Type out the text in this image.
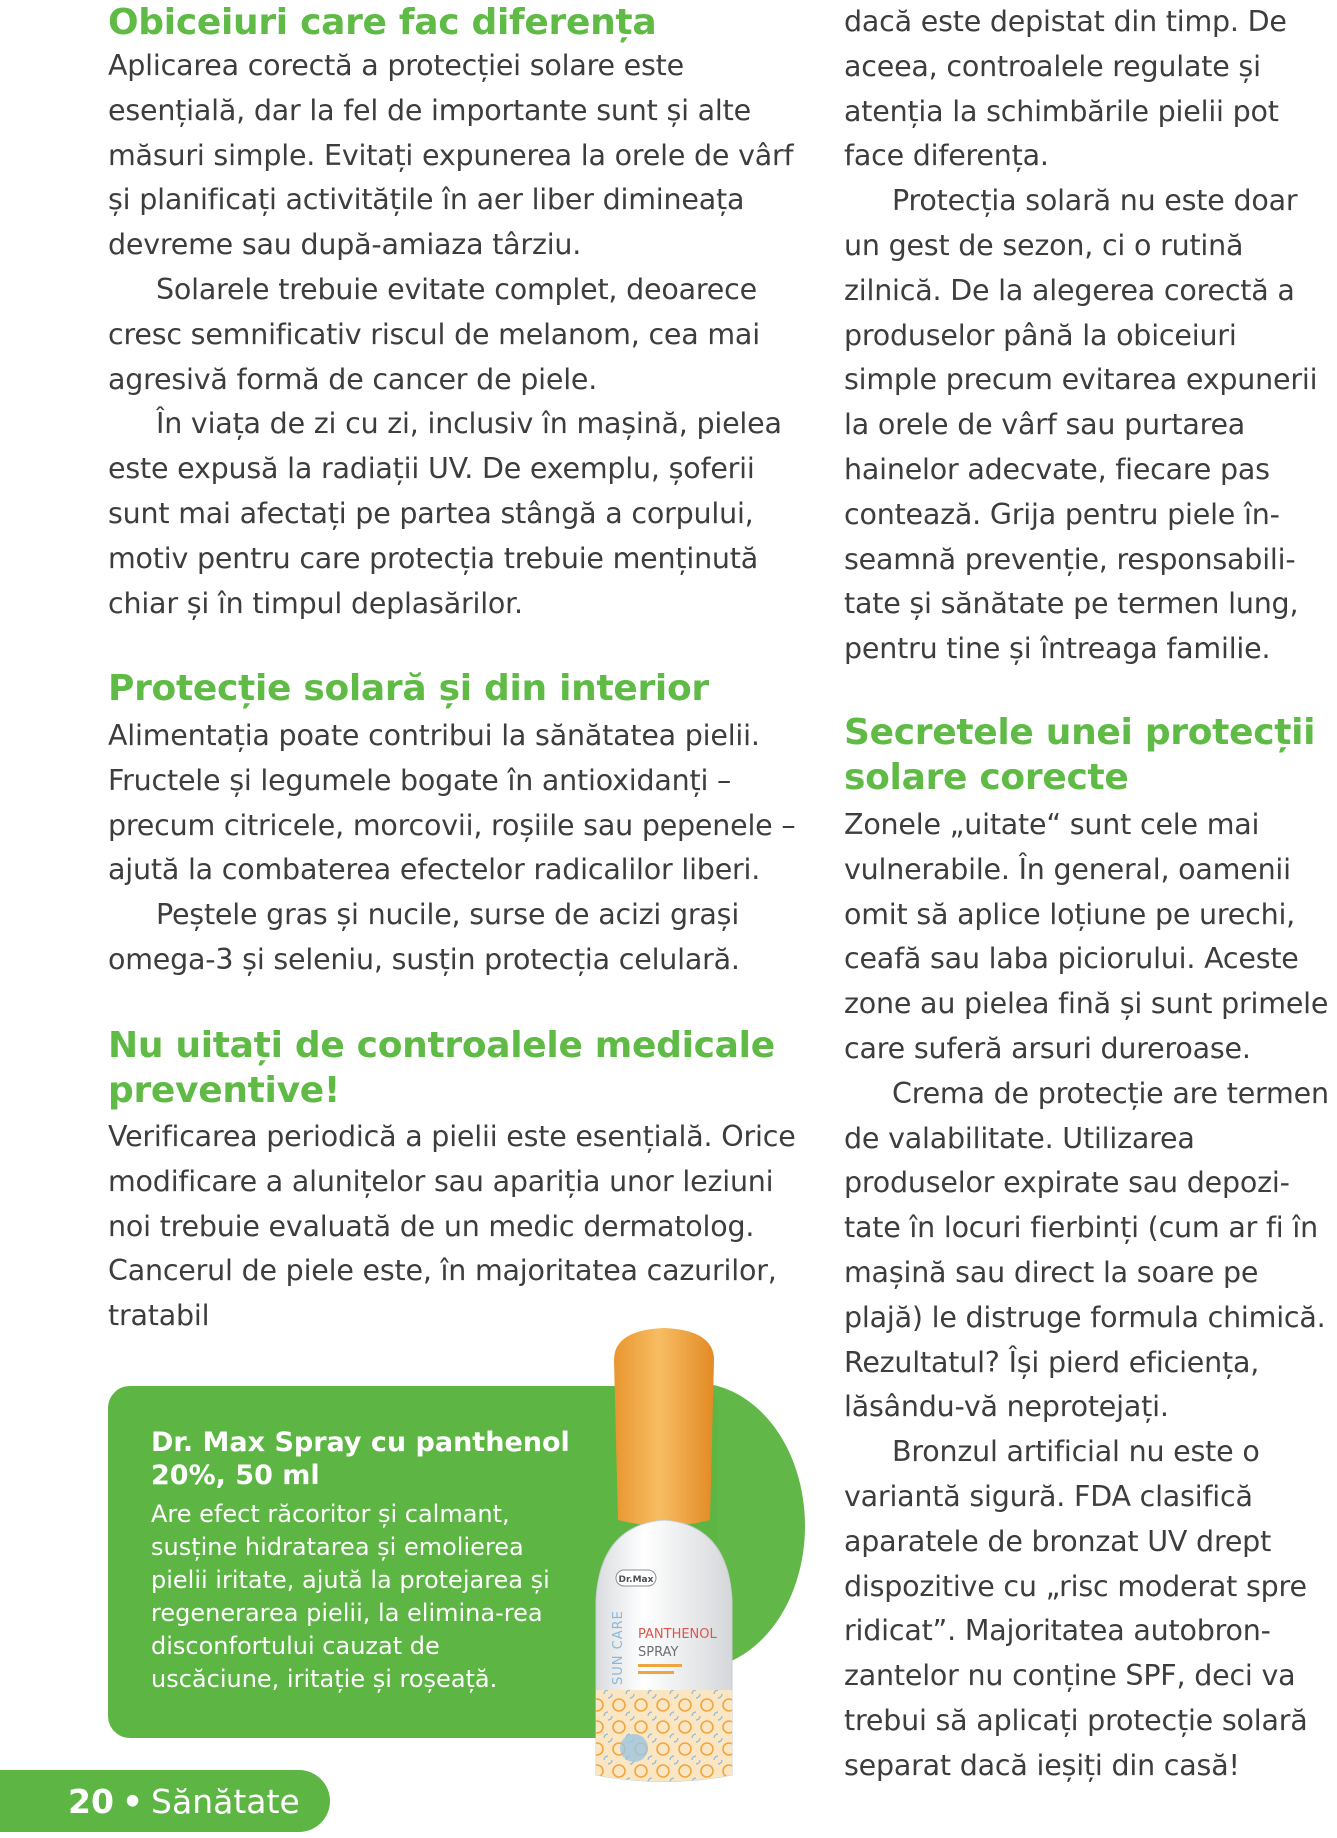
Obiceiuri care fac diferența

Aplicarea corectă a protecției solare este esențială, dar la fel de importante sunt și alte măsuri simple. Evitați expunerea la orele de vârf și planificați activitățile în aer liber dimineața devreme sau după-amiaza târziu.

Solarele trebuie evitate complet, deoarece cresc semnificativ riscul de melanom, cea mai agresivă formă de cancer de piele.

În viața de zi cu zi, inclusiv în mașină, pielea este expusă la radiații UV. De exemplu, șoferii sunt mai afectați pe partea stângă a corpului, motiv pentru care protecția trebuie menținută chiar și în timpul deplasărilor.

Protecție solară și din interior

Alimentația poate contribui la sănătatea pielii. Fructele și legumele bogate în antioxidanți – precum citricele, morcovii, roșiile sau pepenele – ajută la combaterea efectelor radicalilor liberi.

Peștele gras și nucile, surse de acizi grași omega-3 și seleniu, susțin protecția celulară.

Nu uitați de controalele medicale preventive!

Verificarea periodică a pielii este esențială. Orice modificare a alunițelor sau apariția unor leziuni noi trebuie evaluată de un medic dermatolog. Cancerul de piele este, în majoritatea cazurilor, tratabil

dacă este depistat din timp. De aceea, controalele regulate și atenția la schimbările pielii pot face diferența.

Protecția solară nu este doar un gest de sezon, ci o rutină zilnică. De la alegerea corectă a produselor până la obiceiuri simple precum evitarea expunerii la orele de vârf sau purtarea hainelor adecvate, fiecare pas contează. Grija pentru piele în-seamnă prevenție, responsabili-tate și sănătate pe termen lung, pentru tine și întreaga familie.

Secretele unei protecții solare corecte

Zonele „uitate“ sunt cele mai vulnerabile. În general, oamenii omit să aplice loțiune pe urechi, ceafă sau laba piciorului. Aceste zone au pielea fină și sunt primele care suferă arsuri dureroase.

Crema de protecție are termen de valabilitate. Utilizarea produselor expirate sau depozi-tate în locuri fierbinți (cum ar fi în mașină sau direct la soare pe plajă) le distruge formula chimică. Rezultatul? Își pierd eficiența, lăsându-vă neprotejați.

Bronzul artificial nu este o variantă sigură. FDA clasifică aparatele de bronzat UV drept dispozitive cu „risc moderat spre ridicat”. Majoritatea autobron-zantelor nu conține SPF, deci va trebui să aplicați protecție solară separat dacă ieșiți din casă!

Dr. Max Spray cu panthenol 20%, 50 ml
Are efect răcoritor și calmant, susține hidratarea și emolierea pielii iritate, ajută la protejarea și regenerarea pielii, la elimina-rea disconfortului cauzat de uscăciune, iritație și roșeață.
Dr.Max
SUN CARE PANTHENOL
SPRAY
20 • Sănătate
